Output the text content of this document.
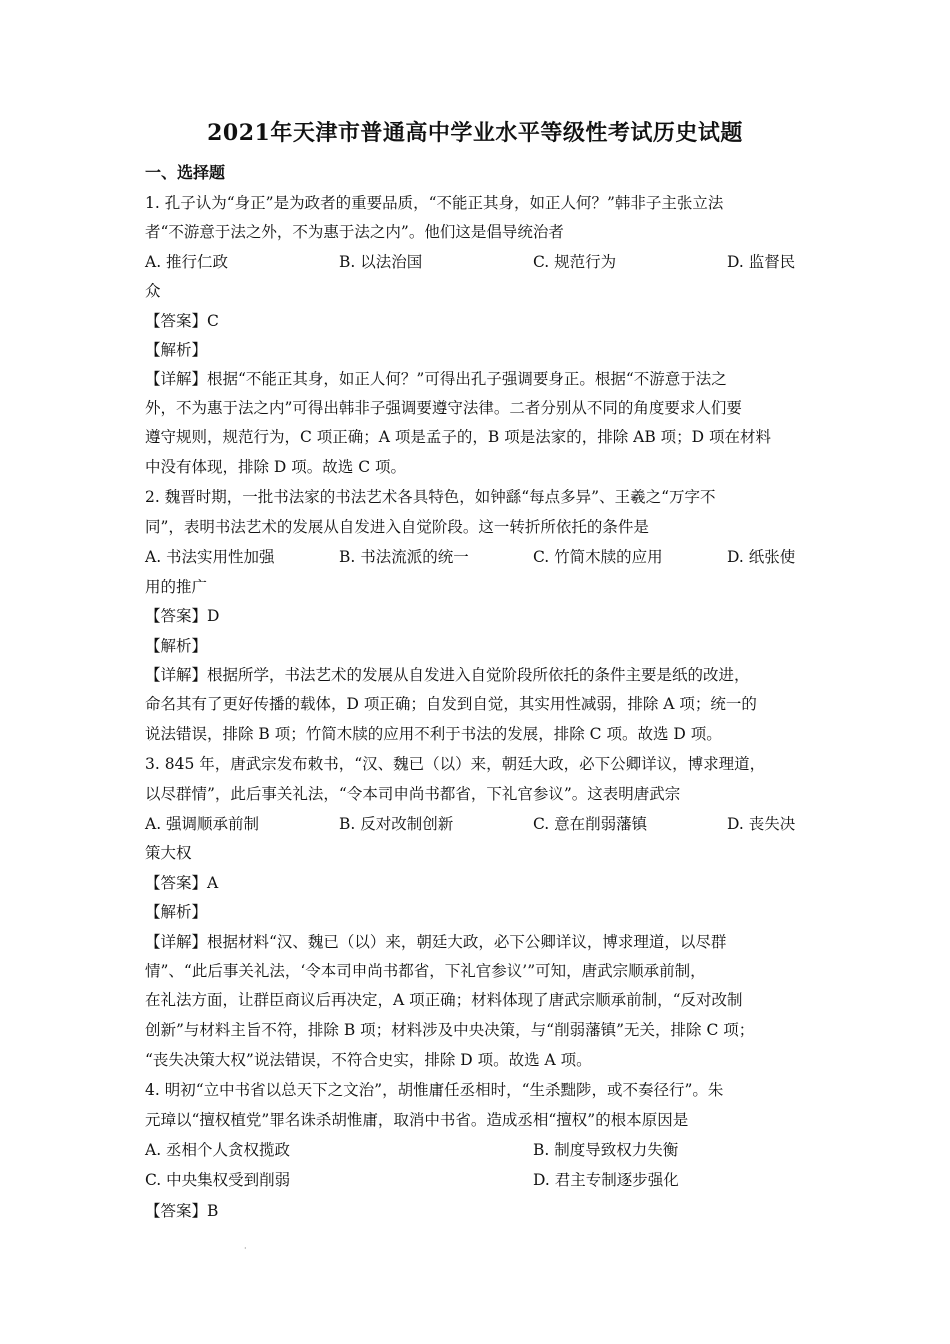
2021年天津市普通高中学业水平等级性考试历史试题
一、选择题
1. 孔子认为“身正”是为政者的重要品质，“不能正其身，如正人何？”韩非子主张立法
者“不游意于法之外，不为惠于法之内”。他们这是倡导统治者
A. 推行仁政	B. 以法治国	C. 规范行为	D. 监督民
众
【答案】C
【解析】
【详解】根据“不能正其身，如正人何？”可得出孔子强调要身正。根据“不游意于法之
外，不为惠于法之内”可得出韩非子强调要遵守法律。二者分别从不同的角度要求人们要
遵守规则，规范行为，C 项正确；A 项是孟子的，B 项是法家的，排除 AB 项；D 项在材料
中没有体现，排除 D 项。故选 C 项。
2. 魏晋时期，一批书法家的书法艺术各具特色，如钟繇“每点多异”、王羲之“万字不
同”，表明书法艺术的发展从自发进入自觉阶段。这一转折所依托的条件是
A. 书法实用性加强	B. 书法流派的统一	C. 竹简木牍的应用	D. 纸张使
用的推广
【答案】D
【解析】
【详解】根据所学，书法艺术的发展从自发进入自觉阶段所依托的条件主要是纸的改进，
命名其有了更好传播的载体，D 项正确；自发到自觉，其实用性减弱，排除 A 项；统一的
说法错误，排除 B 项；竹简木牍的应用不利于书法的发展，排除 C 项。故选 D 项。
3. 845 年，唐武宗发布敕书，“汉、魏已（以）来，朝廷大政，必下公卿详议，博求理道，
以尽群情”，此后事关礼法，“令本司申尚书都省，下礼官参议”。这表明唐武宗
A. 强调顺承前制	B. 反对改制创新	C. 意在削弱藩镇	D. 丧失决
策大权
【答案】A
【解析】
【详解】根据材料“汉、魏已（以）来，朝廷大政，必下公卿详议，博求理道，以尽群
情”、“此后事关礼法，‘令本司申尚书都省，下礼官参议’”可知，唐武宗顺承前制，
在礼法方面，让群臣商议后再决定，A 项正确；材料体现了唐武宗顺承前制，“反对改制
创新”与材料主旨不符，排除 B 项；材料涉及中央决策，与“削弱藩镇”无关，排除 C 项；
“丧失决策大权”说法错误，不符合史实，排除 D 项。故选 A 项。
4. 明初“立中书省以总天下之文治”，胡惟庸任丞相时，“生杀黜陟，或不奏径行”。朱
元璋以“擅权植党”罪名诛杀胡惟庸，取消中书省。造成丞相“擅权”的根本原因是
A. 丞相个人贪权揽政	B. 制度导致权力失衡
C. 中央集权受到削弱	D. 君主专制逐步强化
【答案】B
·
